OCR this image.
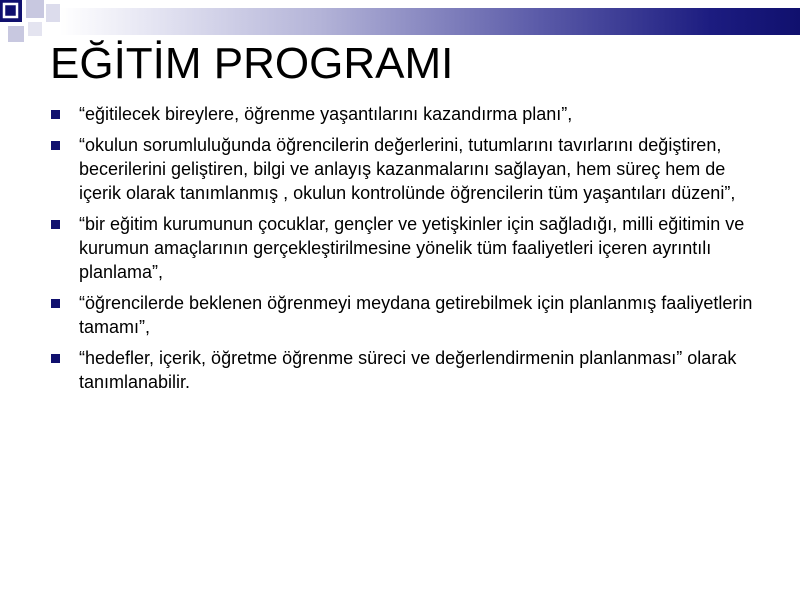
EĞİTİM PROGRAMI
“eğitilecek bireylere, öğrenme yaşantılarını kazandırma planı”,
“okulun sorumluluğunda öğrencilerin değerlerini, tutumlarını tavırlarını değiştiren, becerilerini geliştiren, bilgi ve anlayış kazanmalarını sağlayan, hem süreç hem de içerik olarak tanımlanmış , okulun kontrolünde öğrencilerin tüm yaşantıları düzeni”,
“bir eğitim kurumunun çocuklar, gençler ve yetişkinler için sağladığı, milli eğitimin ve kurumun amaçlarının gerçekleştirilmesine yönelik tüm faaliyetleri içeren ayrıntılı planlama”,
“öğrencilerde beklenen öğrenmeyi meydana getirebilmek için planlanmış faaliyetlerin tamamı”,
“hedefler, içerik, öğretme öğrenme süreci ve değerlendirmenin planlanması” olarak tanımlanabilir.
